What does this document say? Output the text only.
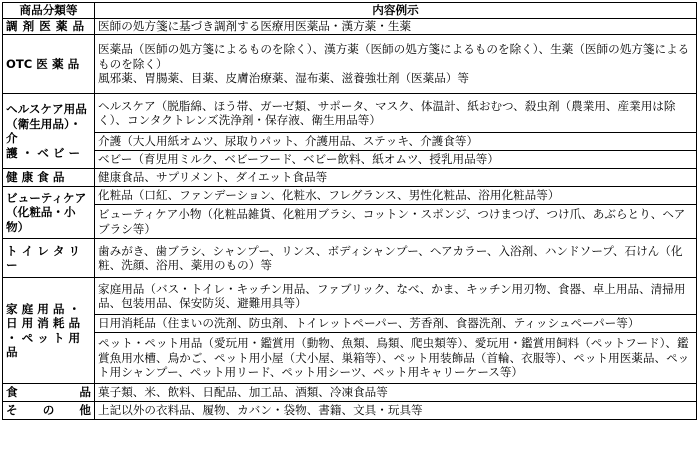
商品分類等	内容例示

調 剤 医 薬 品	医師の処方箋に基づき調剤する医療用医薬品・漢方薬・生薬

OTC 医 薬 品	医薬品（医師の処方箋によるものを除く）、漢方薬（医師の処方箋によるものを除く）、生薬（医師の処方箋によるものを除く）
風邪薬、胃腸薬、目薬、皮膚治療薬、湿布薬、滋養強壮剤（医薬品）等

ヘルスケア用品
（衛生用品）・介
護 ・ ベ ビ ー	ヘルスケア（脱脂綿、ほう帯、ガーゼ類、サポータ、マスク、体温計、紙おむつ、殺虫剤（農業用、産業用は除く）、コンタクトレンズ洗浄剤・保存液、衛生用品等）
	介護（大人用紙オムツ、尿取りパット、介護用品、ステッキ、介護食等）
	ベビー（育児用ミルク、ベビーフード、ベビー飲料、紙オムツ、授乳用品等）

健 康 食 品	健康食品、サプリメント、ダイエット食品等

ビューティケア
（化粧品・小物）	化粧品（口紅、ファンデーション、化粧水、フレグランス、男性化粧品、浴用化粧品等）
	ビューティケア小物（化粧品雑貨、化粧用ブラシ、コットン・スポンジ、つけまつげ、つけ爪、あぶらとり、ヘアブラシ等）

ト イ レ タ リ ー	歯みがき、歯ブラシ、シャンプー、リンス、ボディシャンプー、ヘアカラー、入浴剤、ハンドソープ、石けん（化粧、洗顔、浴用、薬用のもの）等

家 庭 用 品 ・
日 用 消 耗 品
・ ペ ッ ト 用 品	家庭用品（バス・トイレ・キッチン用品、ファブリック、なべ、かま、キッチン用刃物、食器、卓上用品、清掃用品、包装用品、保安防災、避難用具等）
	日用消耗品（住まいの洗剤、防虫剤、トイレットペーパー、芳香剤、食器洗剤、ティッシュペーパー等）
	ペット・ペット用品（愛玩用・鑑賞用（動物、魚類、鳥類、爬虫類等）、愛玩用・鑑賞用飼料（ペットフード）、鑑賞魚用水槽、鳥かご、ペット用小屋（犬小屋、巣箱等）、ペット用装飾品（首輪、衣服等）、ペット用医薬品、ペット用シャンプー、ペット用リード、ペット用シーツ、ペット用キャリーケース等）

食 品	菓子類、米、飲料、日配品、加工品、酒類、冷凍食品等

そ の 他	上記以外の衣料品、履物、カバン・袋物、書籍、文具・玩具等
